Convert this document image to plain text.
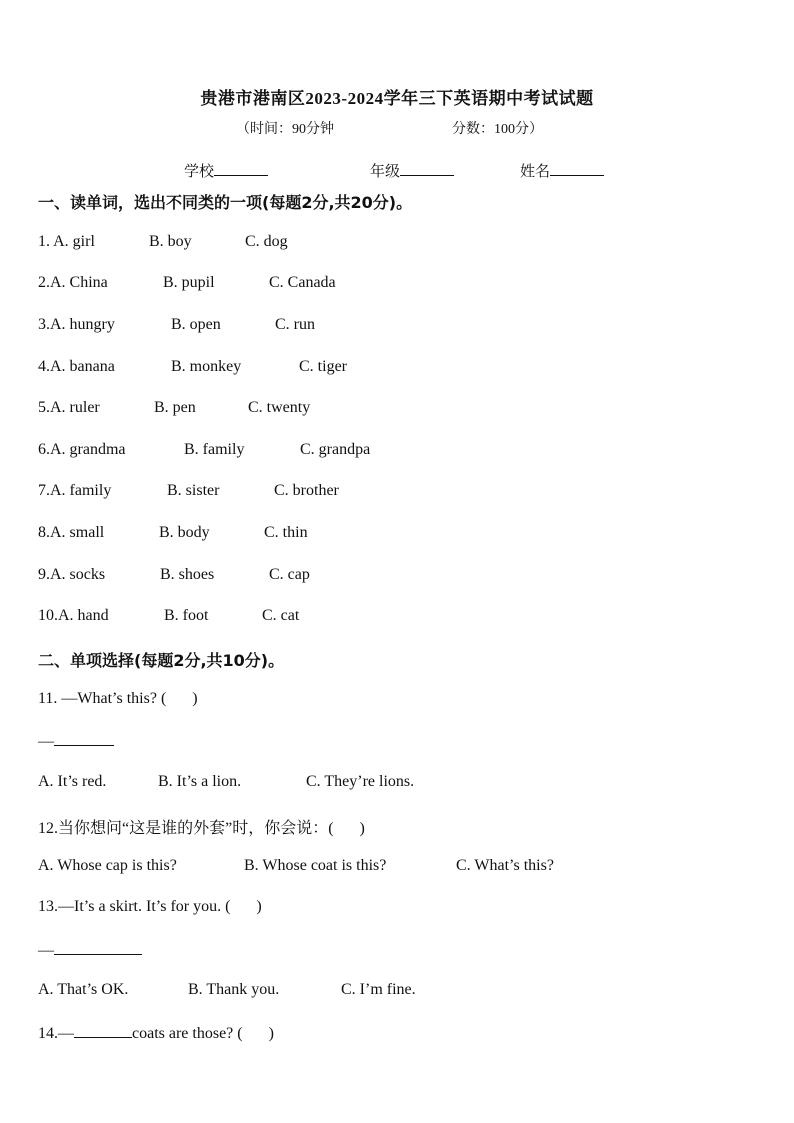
贵港市港南区2023-2024学年三下英语期中考试试题
（时间：90分钟	分数：100分）
学校	年级	姓名
一、读单词，选出不同类的一项(每题2分,共20分)。
1. A. girl	B. boy	C. dog
2.A. China	B. pupil	C. Canada
3.A. hungry	B. open	C. run
4.A. banana	B. monkey	C. tiger
5.A. ruler	B. pen	C. twenty
6.A. grandma	B. family	C. grandpa
7.A. family	B. sister	C. brother
8.A. small	B. body	C. thin
9.A. socks	B. shoes	C. cap
10.A. hand	B. foot	C. cat
二、单项选择(每题2分,共10分)。
11. —What’s this? ( )
—
A. It’s red.	B. It’s a lion.	C. They’re lions.
12.当你想问“这是谁的外套”时，你会说：( )
A. Whose cap is this?	B. Whose coat is this?	C. What’s this?
13.—It’s a skirt. It’s for you. ( )
—
A. That’s OK.	B. Thank you.	C. I’m fine.
14.—	coats are those? ( )
